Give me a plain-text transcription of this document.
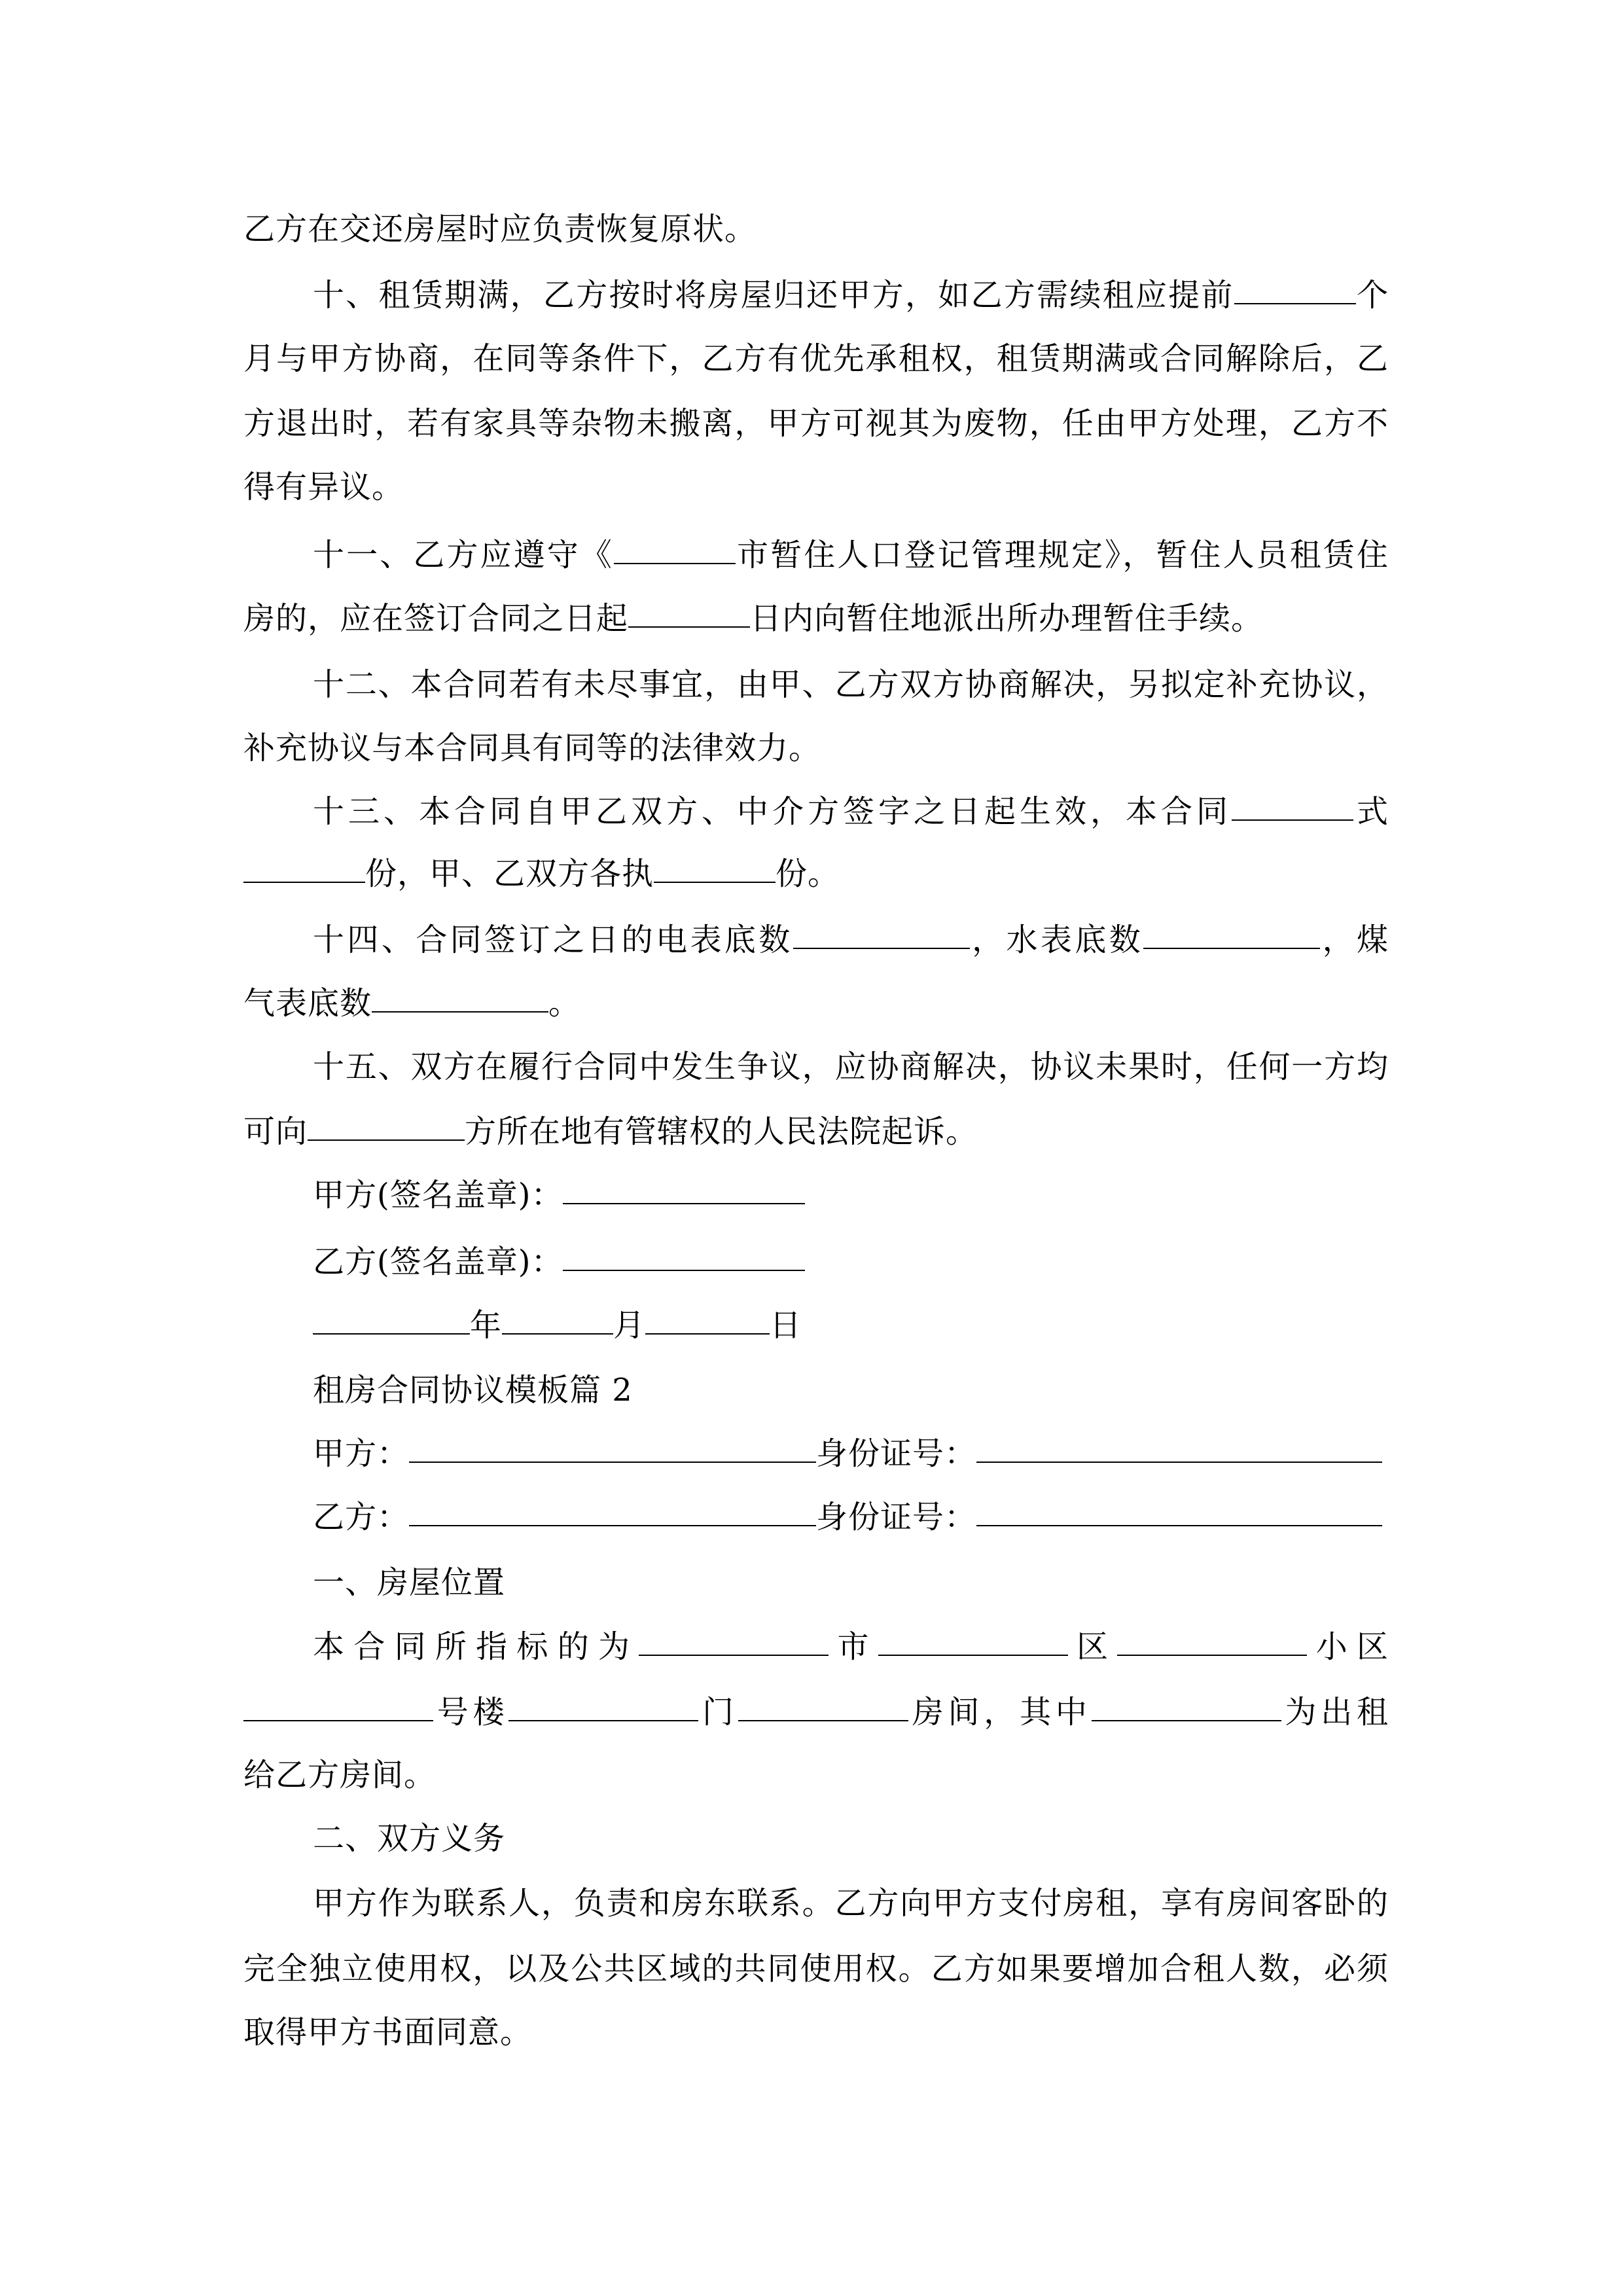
乙方在交还房屋时应负责恢复原状。
十、租赁期满，乙方按时将房屋归还甲方，如乙方需续租应提前	个
月与甲方协商，在同等条件下，乙方有优先承租权，租赁期满或合同解除后，乙
方退出时，若有家具等杂物未搬离，甲方可视其为废物，任由甲方处理，乙方不
得有异议。
十一、乙方应遵守《	市暂住人口登记管理规定》，暂住人员租赁住
房的，应在签订合同之日起	日内向暂住地派出所办理暂住手续。
十二、本合同若有未尽事宜，由甲、乙方双方协商解决，另拟定补充协议，
补充协议与本合同具有同等的法律效力。
十三、本合同自甲乙双方、中介方签字之日起生效，本合同	式
份，甲、乙双方各执	份。
十四、合同签订之日的电表底数	，水表底数	，煤
气表底数	。
十五、双方在履行合同中发生争议，应协商解决，协议未果时，任何一方均
可向	方所在地有管辖权的人民法院起诉。
甲方(签名盖章)：
乙方(签名盖章)：
年	月	日
租房合同协议模板篇 2
甲方：	身份证号：
乙方：	身份证号：
一、房屋位置
本合同所指标的为	市	区	小区
号楼	门	房间，其中	为出租
给乙方房间。
二、双方义务
甲方作为联系人，负责和房东联系。乙方向甲方支付房租，享有房间客卧的
完全独立使用权，以及公共区域的共同使用权。乙方如果要增加合租人数，必须
取得甲方书面同意。
